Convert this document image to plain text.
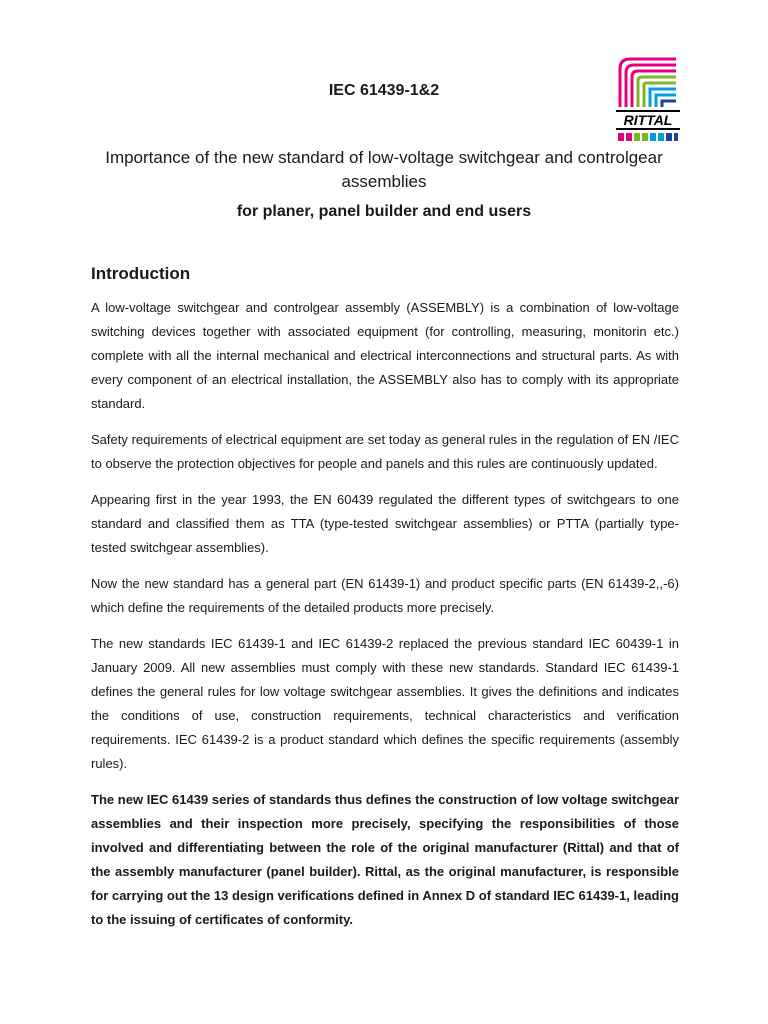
IEC 61439-1&2
RITTAL
Importance of the new standard of low-voltage switchgear and controlgear assemblies
for planer, panel builder and end users
Introduction

A low-voltage switchgear and controlgear assembly (ASSEMBLY) is a combination of low-voltage switching devices together with associated equipment (for controlling, measuring, monitorin etc.) complete with all the internal mechanical and electrical interconnections and structural parts. As with every component of an electrical installation, the ASSEMBLY also has to comply with its appropriate standard.

Safety requirements of electrical equipment are set today as general rules in the regulation of EN /IEC to observe the protection objectives for people and panels and this rules are continuously updated.

Appearing first in the year 1993, the EN 60439 regulated the different types of switchgears to one standard and classified them as TTA (type-tested switchgear assemblies) or PTTA (partially type-tested switchgear assemblies).

Now the new standard has a general part (EN 61439-1) and product specific parts (EN 61439-2,,-6) which define the requirements of the detailed products more precisely.

The new standards IEC 61439-1 and IEC 61439-2 replaced the previous standard IEC 60439-1 in January 2009. All new assemblies must comply with these new standards. Standard IEC 61439-1 defines the general rules for low voltage switchgear assemblies. It gives the definitions and indicates the conditions of use, construction requirements, technical characteristics and verification requirements. IEC 61439-2 is a product standard which defines the specific requirements (assembly rules).

The new IEC 61439 series of standards thus defines the construction of low voltage switchgear assemblies and their inspection more precisely, specifying the responsibilities of those involved and differentiating between the role of the original manufacturer (Rittal) and that of the assembly manufacturer (panel builder). Rittal, as the original manufacturer, is responsible for carrying out the 13 design verifications defined in Annex D of standard IEC 61439-1, leading to the issuing of certificates of conformity.
